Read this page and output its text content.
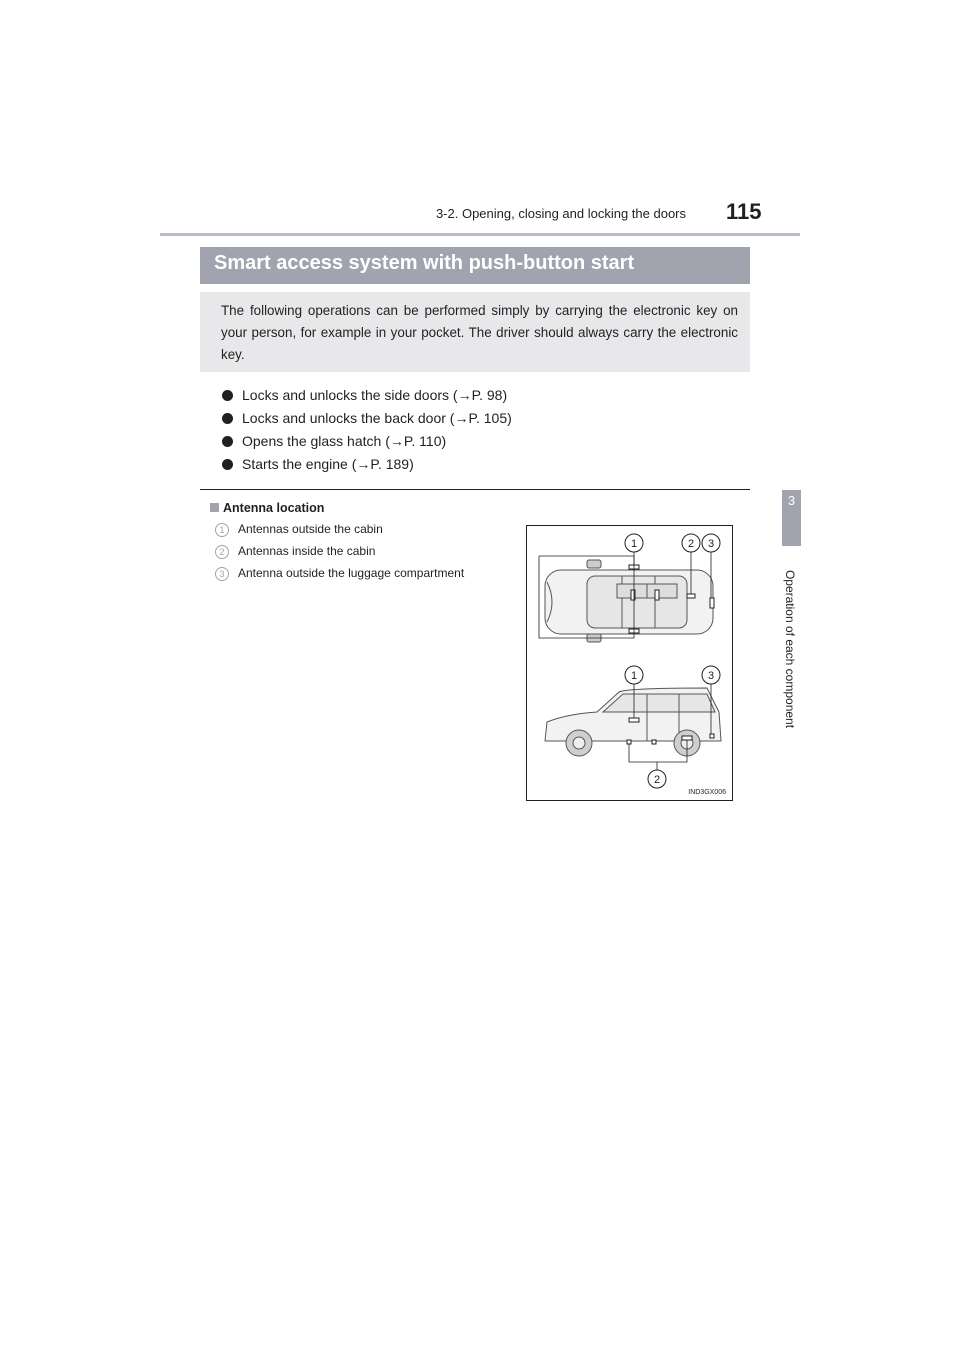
3-2. Opening, closing and locking the doors 115
3
Operation of each component
Smart access system with push-button start

The following operations can be performed simply by carrying the electronic key on your person, for example in your pocket. The driver should always carry the electronic key.

Locks and unlocks the side doors (→P. 98)
Locks and unlocks the back door (→P. 105)
Opens the glass hatch (→P. 110)
Starts the engine (→P. 189)
Antenna location
1	Antennas outside the cabin
2	Antennas inside the cabin
3	Antenna outside the luggage compartment
1	2 3
1	3
2
IND3GX006
